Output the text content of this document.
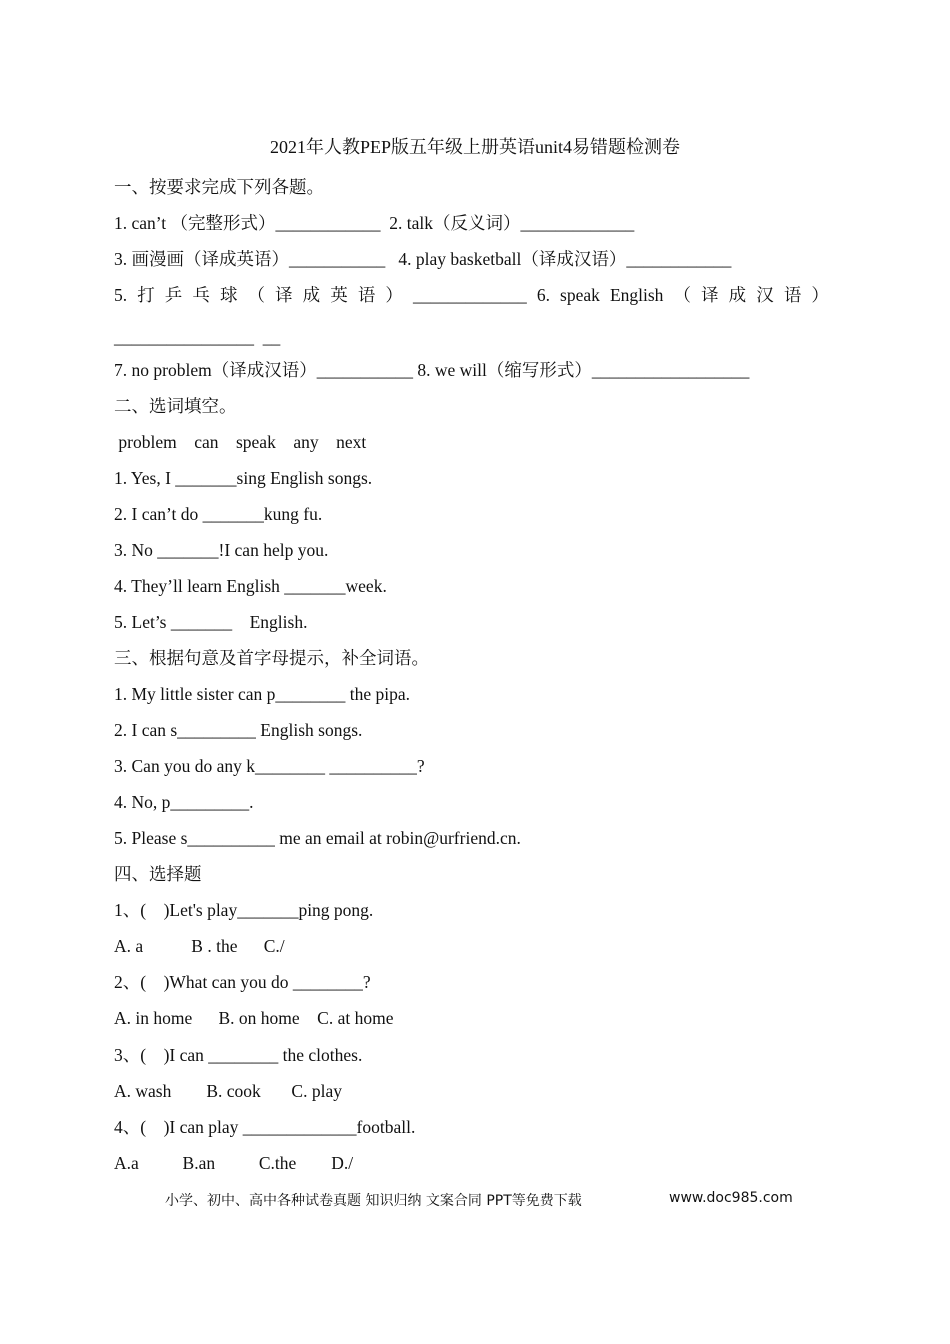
2021年人教PEP版五年级上册英语unit4易错题检测卷
一、按要求完成下列各题。
1. can’t （完整形式）____________  2. talk（反义词）_____________
3. 画漫画（译成英语）___________   4. play basketball（译成汉语）____________
5. 打 乒 乓 球 （ 译 成 英 语 ） _____________ 6. speak English （ 译 成 汉 语 ）
________________  __
7. no problem（译成汉语）___________ 8. we will（缩写形式）__________________
二、选词填空。
problem    can    speak    any    next
1. Yes, I _______sing English songs.
2. I can’t do _______kung fu.
3. No _______!I can help you.
4. They’ll learn English _______week.
5. Let’s _______    English.
三、根据句意及首字母提示，补全词语。
1. My little sister can p________ the pipa.
2. I can s_________ English songs.
3. Can you do any k________ __________?
4. No, p_________.
5. Please s__________ me an email at robin@urfriend.cn.
四、选择题
1、(    )Let's play_______ping pong.
A. a           B . the      C./
2、(    )What can you do ________?
A. in home      B. on home    C. at home
3、(    )I can ________ the clothes.
A. wash        B. cook       C. play
4、(    )I can play _____________football.
A.a          B.an          C.the        D./
小学、初中、高中各种试卷真题 知识归纳 文案合同 PPT等免费下载	www.doc985.com
